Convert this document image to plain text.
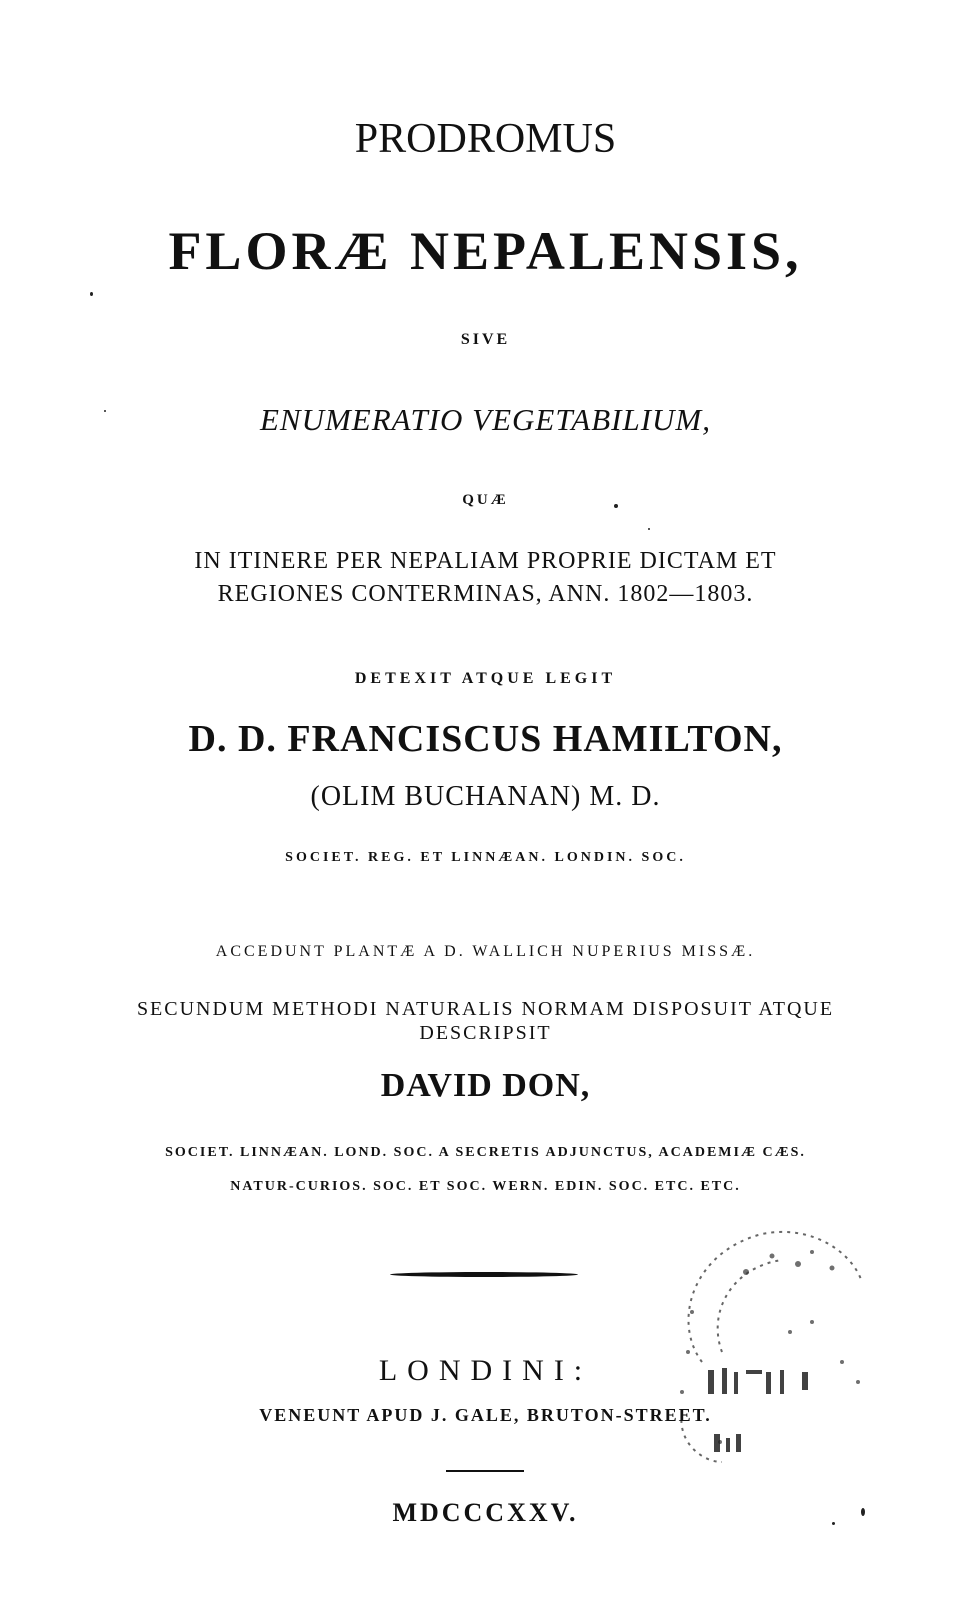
PRODROMUS

FLORÆ NEPALENSIS,

SIVE

ENUMERATIO VEGETABILIUM,

QUÆ

IN ITINERE PER NEPALIAM PROPRIE DICTAM ET

REGIONES CONTERMINAS, ANN. 1802—1803.

DETEXIT ATQUE LEGIT

D. D. FRANCISCUS HAMILTON,

(OLIM BUCHANAN) M. D.

SOCIET. REG. ET LINNÆAN. LONDIN. SOC.

ACCEDUNT PLANTÆ A D. WALLICH NUPERIUS MISSÆ.

SECUNDUM METHODI NATURALIS NORMAM DISPOSUIT ATQUE

DESCRIPSIT

DAVID DON,

SOCIET. LINNÆAN. LOND. SOC. A SECRETIS ADJUNCTUS, ACADEMIÆ CÆS.

NATUR-CURIOS. SOC. ET SOC. WERN. EDIN. SOC. ETC. ETC.

LONDINI:

VENEUNT APUD J. GALE, BRUTON-STREET.

MDCCCXXV.
